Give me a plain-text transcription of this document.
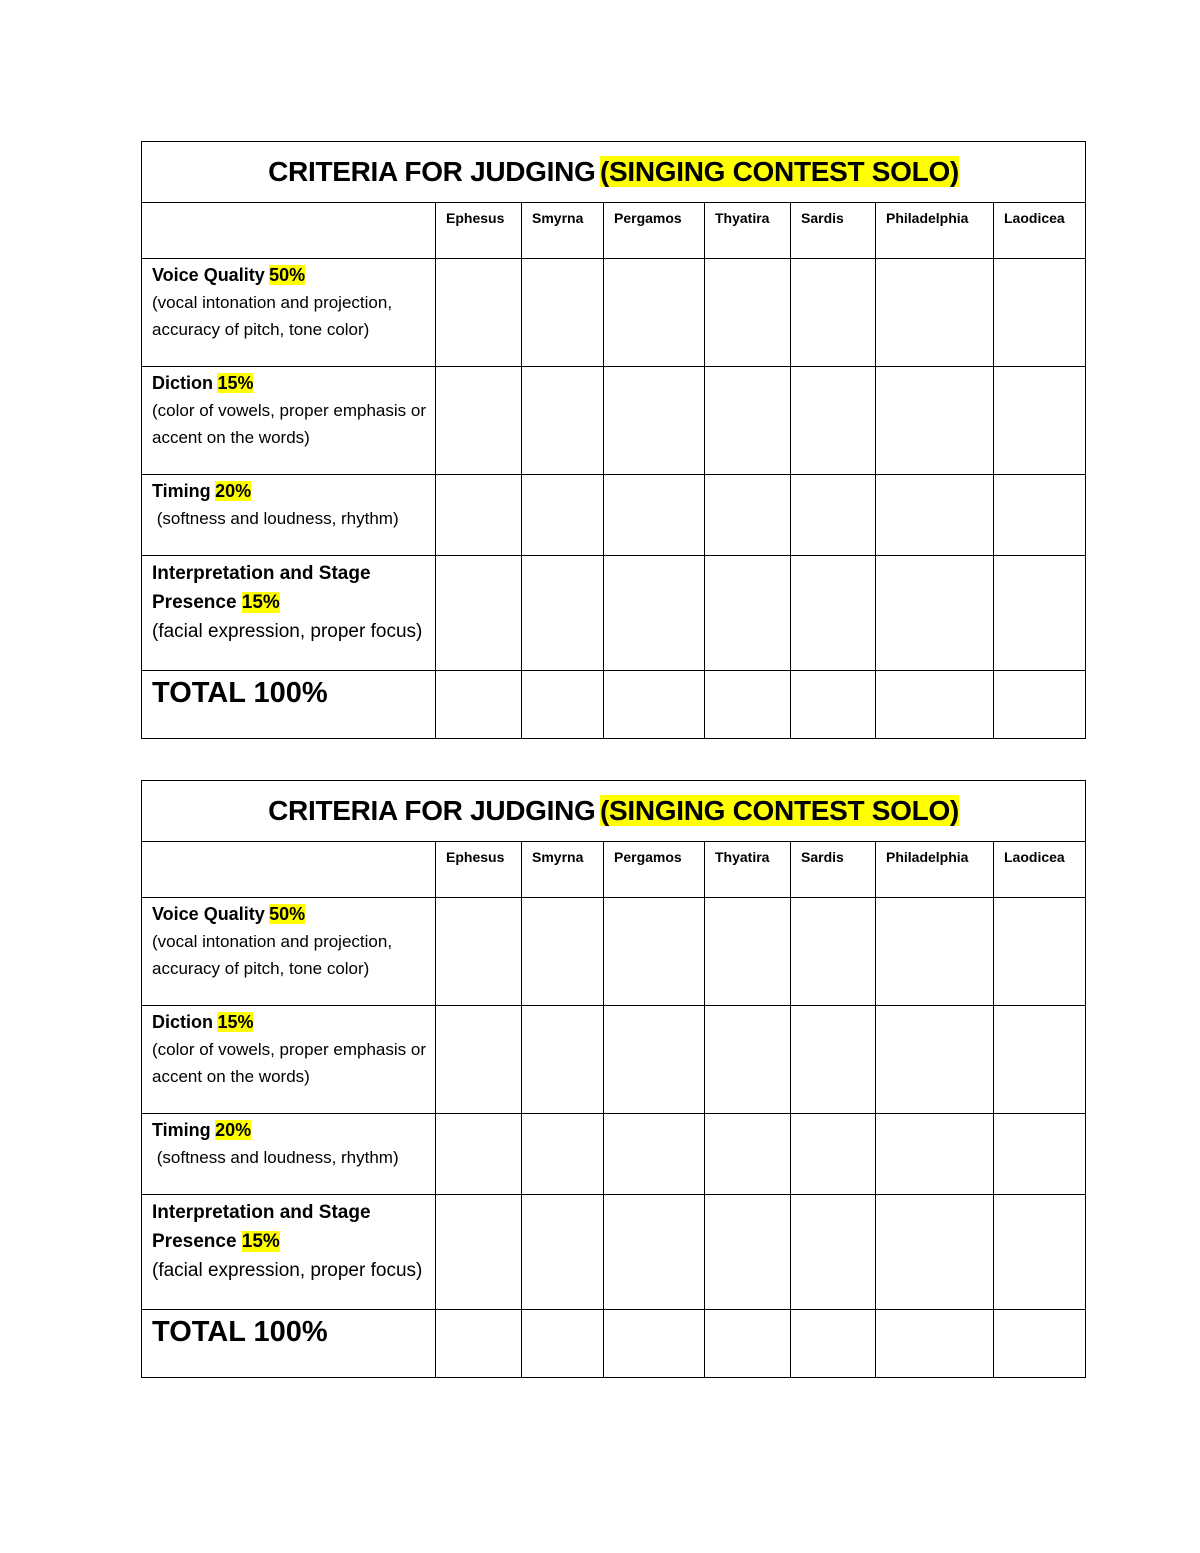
CRITERIA FOR JUDGING (SINGING CONTEST SOLO)							
	Ephesus	Smyrna	Pergamos	Thyatira	Sardis	Philadelphia	Laodicea
Voice Quality 50%
(vocal intonation and projection, accuracy of pitch, tone color)							
Diction 15%
(color of vowels, proper emphasis or accent on the words)							
Timing 20%
(softness and loudness, rhythm)							
Interpretation and Stage Presence 15%
(facial expression, proper focus)							
TOTAL 100%							
CRITERIA FOR JUDGING (SINGING CONTEST SOLO)							
	Ephesus	Smyrna	Pergamos	Thyatira	Sardis	Philadelphia	Laodicea
Voice Quality 50%
(vocal intonation and projection, accuracy of pitch, tone color)							
Diction 15%
(color of vowels, proper emphasis or accent on the words)							
Timing 20%
(softness and loudness, rhythm)							
Interpretation and Stage Presence 15%
(facial expression, proper focus)							
TOTAL 100%							
